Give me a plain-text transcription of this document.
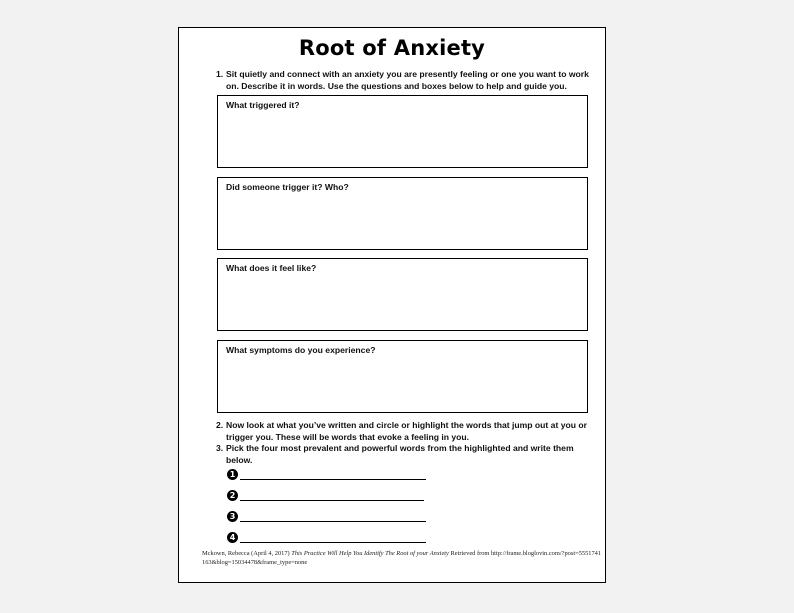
Root of Anxiety
1. Sit quietly and connect with an anxiety you are presently feeling or one you want to work on. Describe it in words. Use the questions and boxes below to help and guide you.
What triggered it?
Did someone trigger it? Who?
What does it feel like?
What symptoms do you experience?
2. Now look at what you’ve written and circle or highlight the words that jump out at you or trigger you. These will be words that evoke a feeling in you.
3. Pick the four most prevalent and powerful words from the highlighted and write them below.
1
2
3
4
Mckown, Rebecca (April 4, 2017) This Practice Will Help You Identify The Root of your Anxiety Retrieved from http://frame.bloglovin.com/?post=5551741163&blog=15034478&frame_type=none
